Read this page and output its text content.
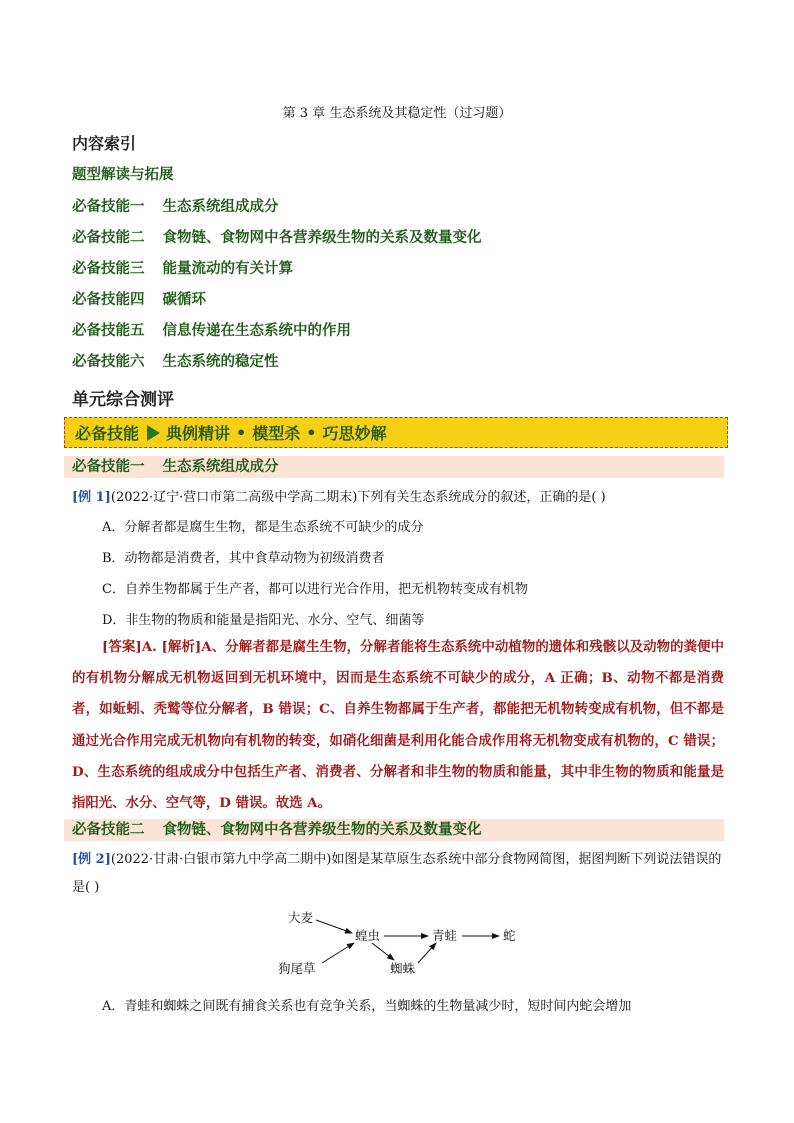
第 3 章 生态系统及其稳定性（过习题）
内容索引
题型解读与拓展
必备技能一 生态系统组成成分
必备技能二 食物链、食物网中各营养级生物的关系及数量变化
必备技能三 能量流动的有关计算
必备技能四 碳循环
必备技能五 信息传递在生态系统中的作用
必备技能六 生态系统的稳定性
单元综合测评
必备技能 典例精讲 • 模型杀 • 巧思妙解
必备技能一 生态系统组成成分
[例 1](2022·辽宁·营口市第二高级中学高二期末)下列有关生态系统成分的叙述，正确的是( )
A．分解者都是腐生生物，都是生态系统不可缺少的成分
B．动物都是消费者，其中食草动物为初级消费者
C．自养生物都属于生产者，都可以进行光合作用，把无机物转变成有机物
D．非生物的物质和能量是指阳光、水分、空气、细菌等

[答案]A. [解析]A、分解者都是腐生生物，分解者能将生态系统中动植物的遗体和残骸以及动物的粪便中的有机物分解成无机物返回到无机环境中，因而是生态系统不可缺少的成分，A 正确；B、动物不都是消费者，如蚯蚓、秃鹫等位分解者，B 错误；C、自养生物都属于生产者，都能把无机物转变成有机物，但不都是通过光合作用完成无机物向有机物的转变，如硝化细菌是利用化能合成作用将无机物变成有机物的，C 错误；D、生态系统的组成成分中包括生产者、消费者、分解者和非生物的物质和能量，其中非生物的物质和能量是指阳光、水分、空气等，D 错误。故选 A。

必备技能二 食物链、食物网中各营养级生物的关系及数量变化

[例 2](2022·甘肃·白银市第九中学高二期中)如图是某草原生态系统中部分食物网简图，据图判断下列说法错误的是( )

大麦
狗尾草
蝗虫	青蛙	蛇
蜘蛛
A．青蛙和蜘蛛之间既有捕食关系也有竞争关系，当蜘蛛的生物量减少时，短时间内蛇会增加
